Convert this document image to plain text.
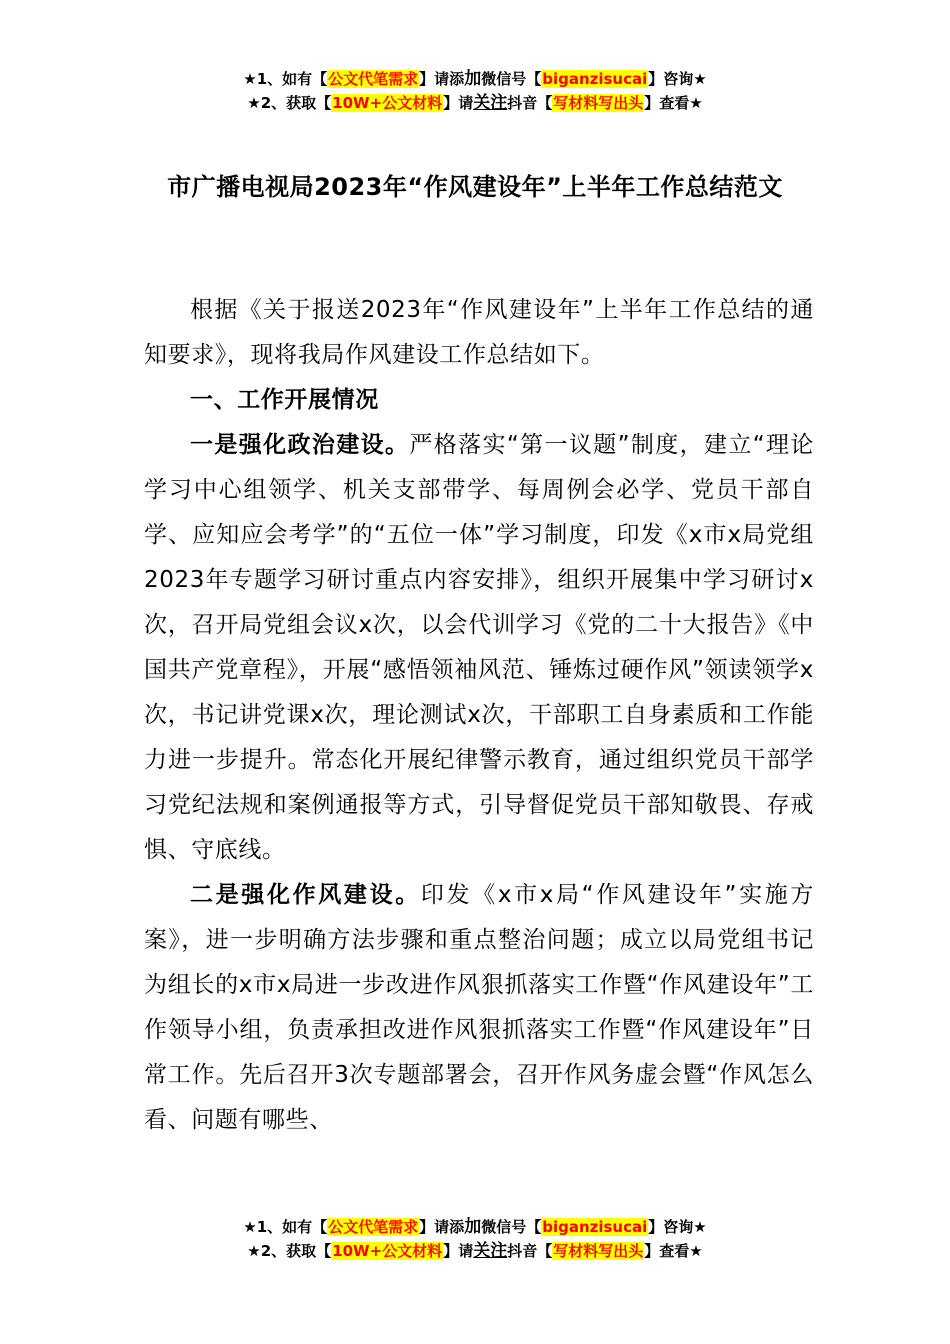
★1、如有【公文代笔需求】请添加微信号【biganzisucai】咨询★
★2、获取【10W+公文材料】请关注抖音【写材料写出头】查看★
市广播电视局2023年“作风建设年”上半年工作总结范文

根据《关于报送2023年“作风建设年”上半年工作总结的通知要求》，现将我局作风建设工作总结如下。

一、工作开展情况

一是强化政治建设。严格落实“第一议题”制度，建立“理论学习中心组领学、机关支部带学、每周例会必学、党员干部自学、应知应会考学”的“五位一体”学习制度，印发《x市x局党组2023年专题学习研讨重点内容安排》，组织开展集中学习研讨x次，召开局党组会议x次，以会代训学习《党的二十大报告》《中国共产党章程》，开展“感悟领袖风范、锤炼过硬作风”领读领学x次，书记讲党课x次，理论测试x次，干部职工自身素质和工作能力进一步提升。常态化开展纪律警示教育，通过组织党员干部学习党纪法规和案例通报等方式，引导督促党员干部知敬畏、存戒惧、守底线。

二是强化作风建设。印发《x市x局“作风建设年”实施方案》，进一步明确方法步骤和重点整治问题；成立以局党组书记为组长的x市x局进一步改进作风狠抓落实工作暨“作风建设年”工作领导小组，负责承担改进作风狠抓落实工作暨“作风建设年”日常工作。先后召开3次专题部署会，召开作风务虚会暨“作风怎么看、问题有哪些、

★1、如有【公文代笔需求】请添加微信号【biganzisucai】咨询★
★2、获取【10W+公文材料】请关注抖音【写材料写出头】查看★
